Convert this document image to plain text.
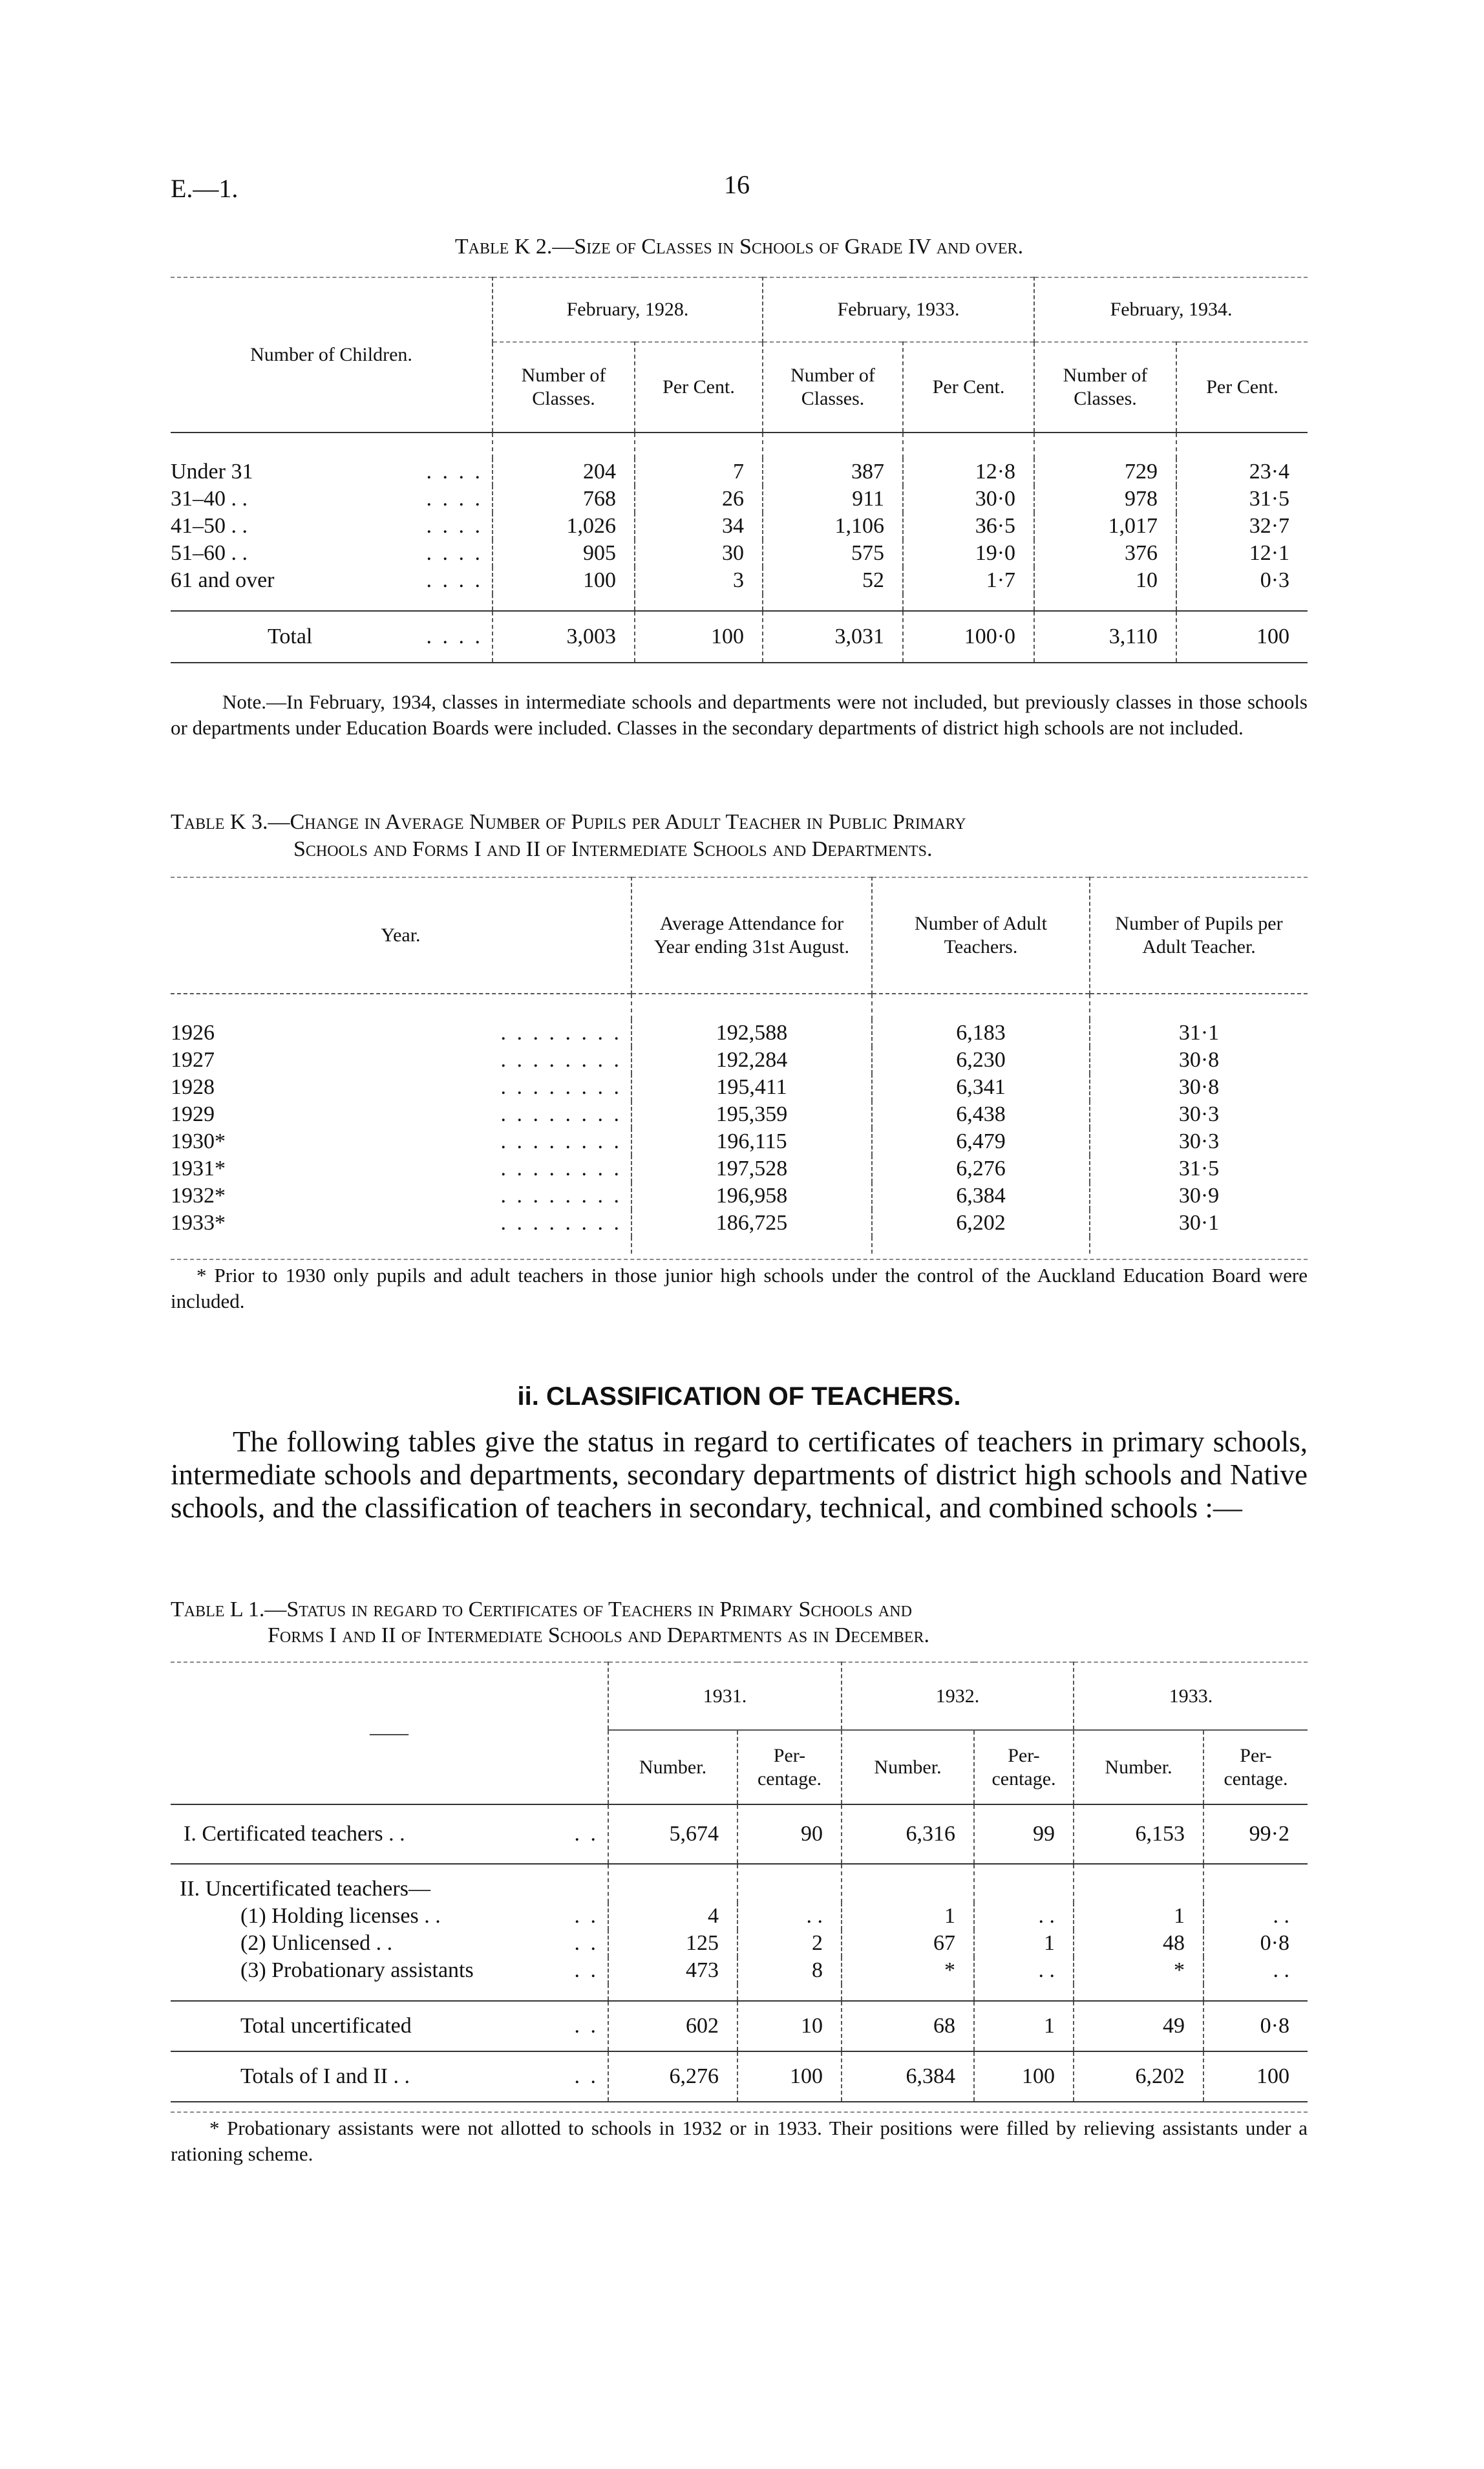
E.—1.	16
Table K 2.—Size of Classes in Schools of Grade IV and over.
Number of Children.	February, 1928.		February, 1933.		February, 1934.	
	Number of Classes.	Per Cent.	Number of Classes.	Per Cent.	Number of Classes.	Per Cent.

. . . .
Under 31	204	7	387	12·8	729	23·4

. . . .
31–40 . .	768	26	911	30·0	978	31·5

. . . .
41–50 . .	1,026	34	1,106	36·5	1,017	32·7

. . . .
51–60 . .	905	30	575	19·0	376	12·1

. . . .
61 and over	100	3	52	1·7	10	0·3

. . . .
Total	3,003	100	3,031	100·0	3,110	100
Note.—In February, 1934, classes in intermediate schools and departments were not included, but previously classes in those schools or departments under Education Boards were included. Classes in the secondary departments of district high schools are not included.
Table K 3.—Change in Average Number of Pupils per Adult Teacher in Public Primary
Schools and Forms I and II of Intermediate Schools and Departments.
Year.	Average Attendance for Year ending 31st August.	Number of Adult Teachers.	Number of Pupils per Adult Teacher.

. . . . . . . .
1926	192,588	6,183	31·1

. . . . . . . .
1927	192,284	6,230	30·8

. . . . . . . .
1928	195,411	6,341	30·8

. . . . . . . .
1929	195,359	6,438	30·3

. . . . . . . .
1930*	196,115	6,479	30·3

. . . . . . . .
1931*	197,528	6,276	31·5

. . . . . . . .
1932*	196,958	6,384	30·9

. . . . . . . .
1933*	186,725	6,202	30·1

* Prior to 1930 only pupils and adult teachers in those junior high schools under the control of the Auckland Education Board were included.
ii. CLASSIFICATION OF TEACHERS.
The following tables give the status in regard to certificates of teachers in primary schools, intermediate schools and departments, secondary departments of district high schools and Native schools, and the classification of teachers in secondary, technical, and combined schools :—
Table L 1.—Status in regard to Certificates of Teachers in Primary Schools and
Forms I and II of Intermediate Schools and Departments as in December.
——	1931.		1932.		1933.	
	Number.	Per-centage.	Number.	Per-centage.	Number.	Per-centage.

. .
I. Certificated teachers . .	5,674	90	6,316	99	6,153	99·2
II. Uncertificated teachers—						

. .
(1) Holding licenses . .	4	. .	1	. .	1	. .

. .
(2) Unlicensed . .	125	2	67	1	48	0·8

. .
(3) Probationary assistants	473	8	*	. .	*	. .

. .
Total uncertificated	602	10	68	1	49	0·8

. .
Totals of I and II . .	6,276	100	6,384	100	6,202	100
* Probationary assistants were not allotted to schools in 1932 or in 1933. Their positions were filled by relieving assistants under a rationing scheme.
